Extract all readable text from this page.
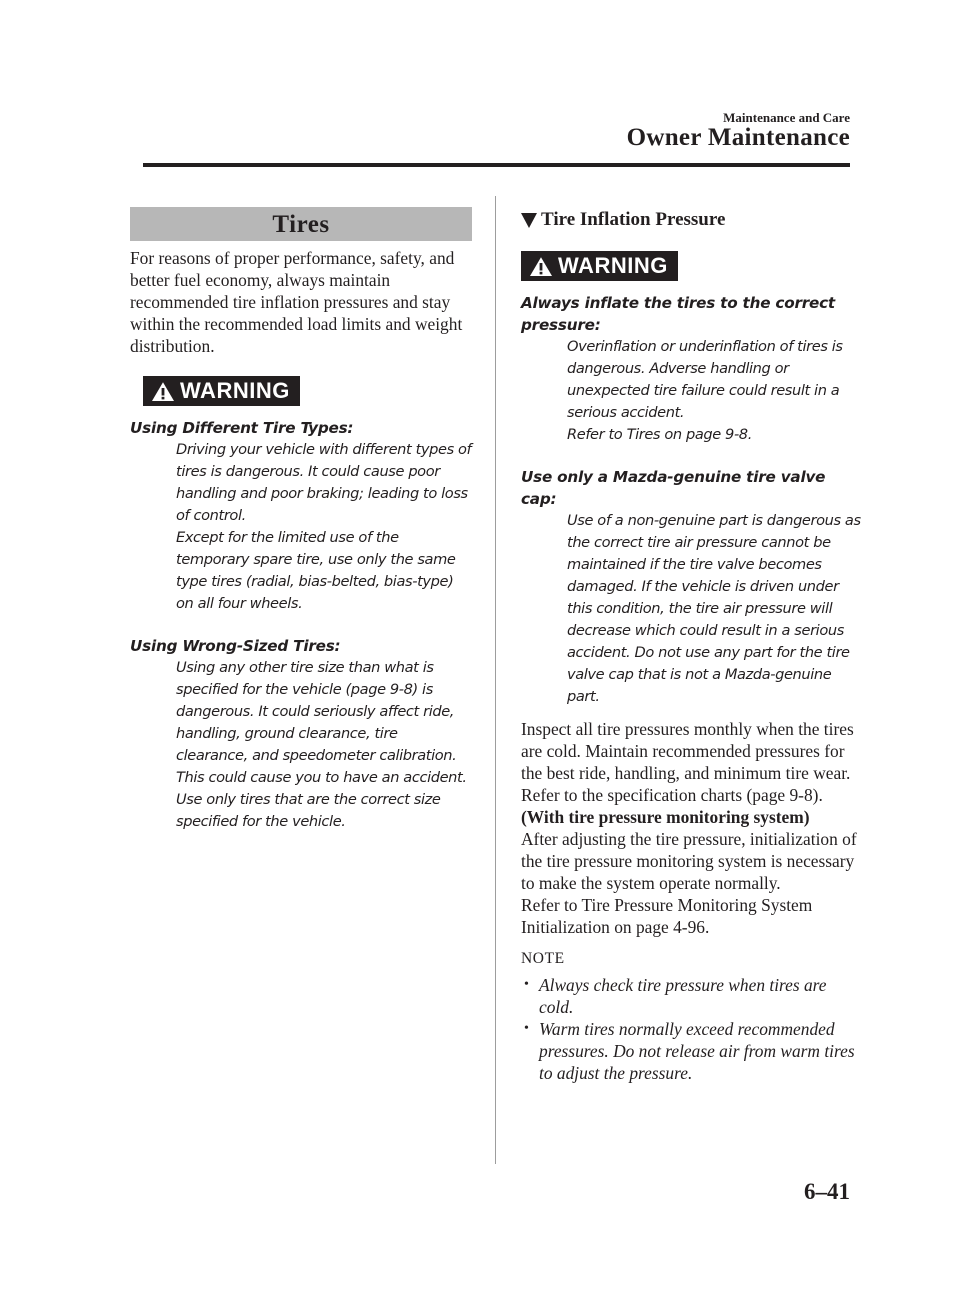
Maintenance and Care
Owner Maintenance
Tires
For reasons of proper performance, safety, and better fuel economy, always maintain recommended tire inflation pressures and stay within the recommended load limits and weight distribution.
WARNING
Using Different Tire Types:
Driving your vehicle with different types of tires is dangerous. It could cause poor handling and poor braking; leading to loss of control.
Except for the limited use of the temporary spare tire, use only the same type tires (radial, bias-belted, bias-type) on all four wheels.
Using Wrong-Sized Tires:
Using any other tire size than what is specified for the vehicle (page 9-8) is dangerous. It could seriously affect ride, handling, ground clearance, tire clearance, and speedometer calibration. This could cause you to have an accident. Use only tires that are the correct size specified for the vehicle.
Tire Inflation Pressure
WARNING
Always inflate the tires to the correct pressure:
Overinflation or underinflation of tires is dangerous. Adverse handling or unexpected tire failure could result in a serious accident.
Refer to Tires on page 9-8.
Use only a Mazda-genuine tire valve cap:
Use of a non-genuine part is dangerous as the correct tire air pressure cannot be maintained if the tire valve becomes damaged. If the vehicle is driven under this condition, the tire air pressure will decrease which could result in a serious accident. Do not use any part for the tire valve cap that is not a Mazda-genuine part.
Inspect all tire pressures monthly when the tires are cold. Maintain recommended pressures for the best ride, handling, and minimum tire wear.
Refer to the specification charts (page 9-8).
(With tire pressure monitoring system)
After adjusting the tire pressure, initialization of the tire pressure monitoring system is necessary to make the system operate normally.
Refer to Tire Pressure Monitoring System Initialization on page 4-96.
NOTE
• Always check tire pressure when tires are cold.
• Warm tires normally exceed recommended pressures. Do not release air from warm tires to adjust the pressure.
6–41
